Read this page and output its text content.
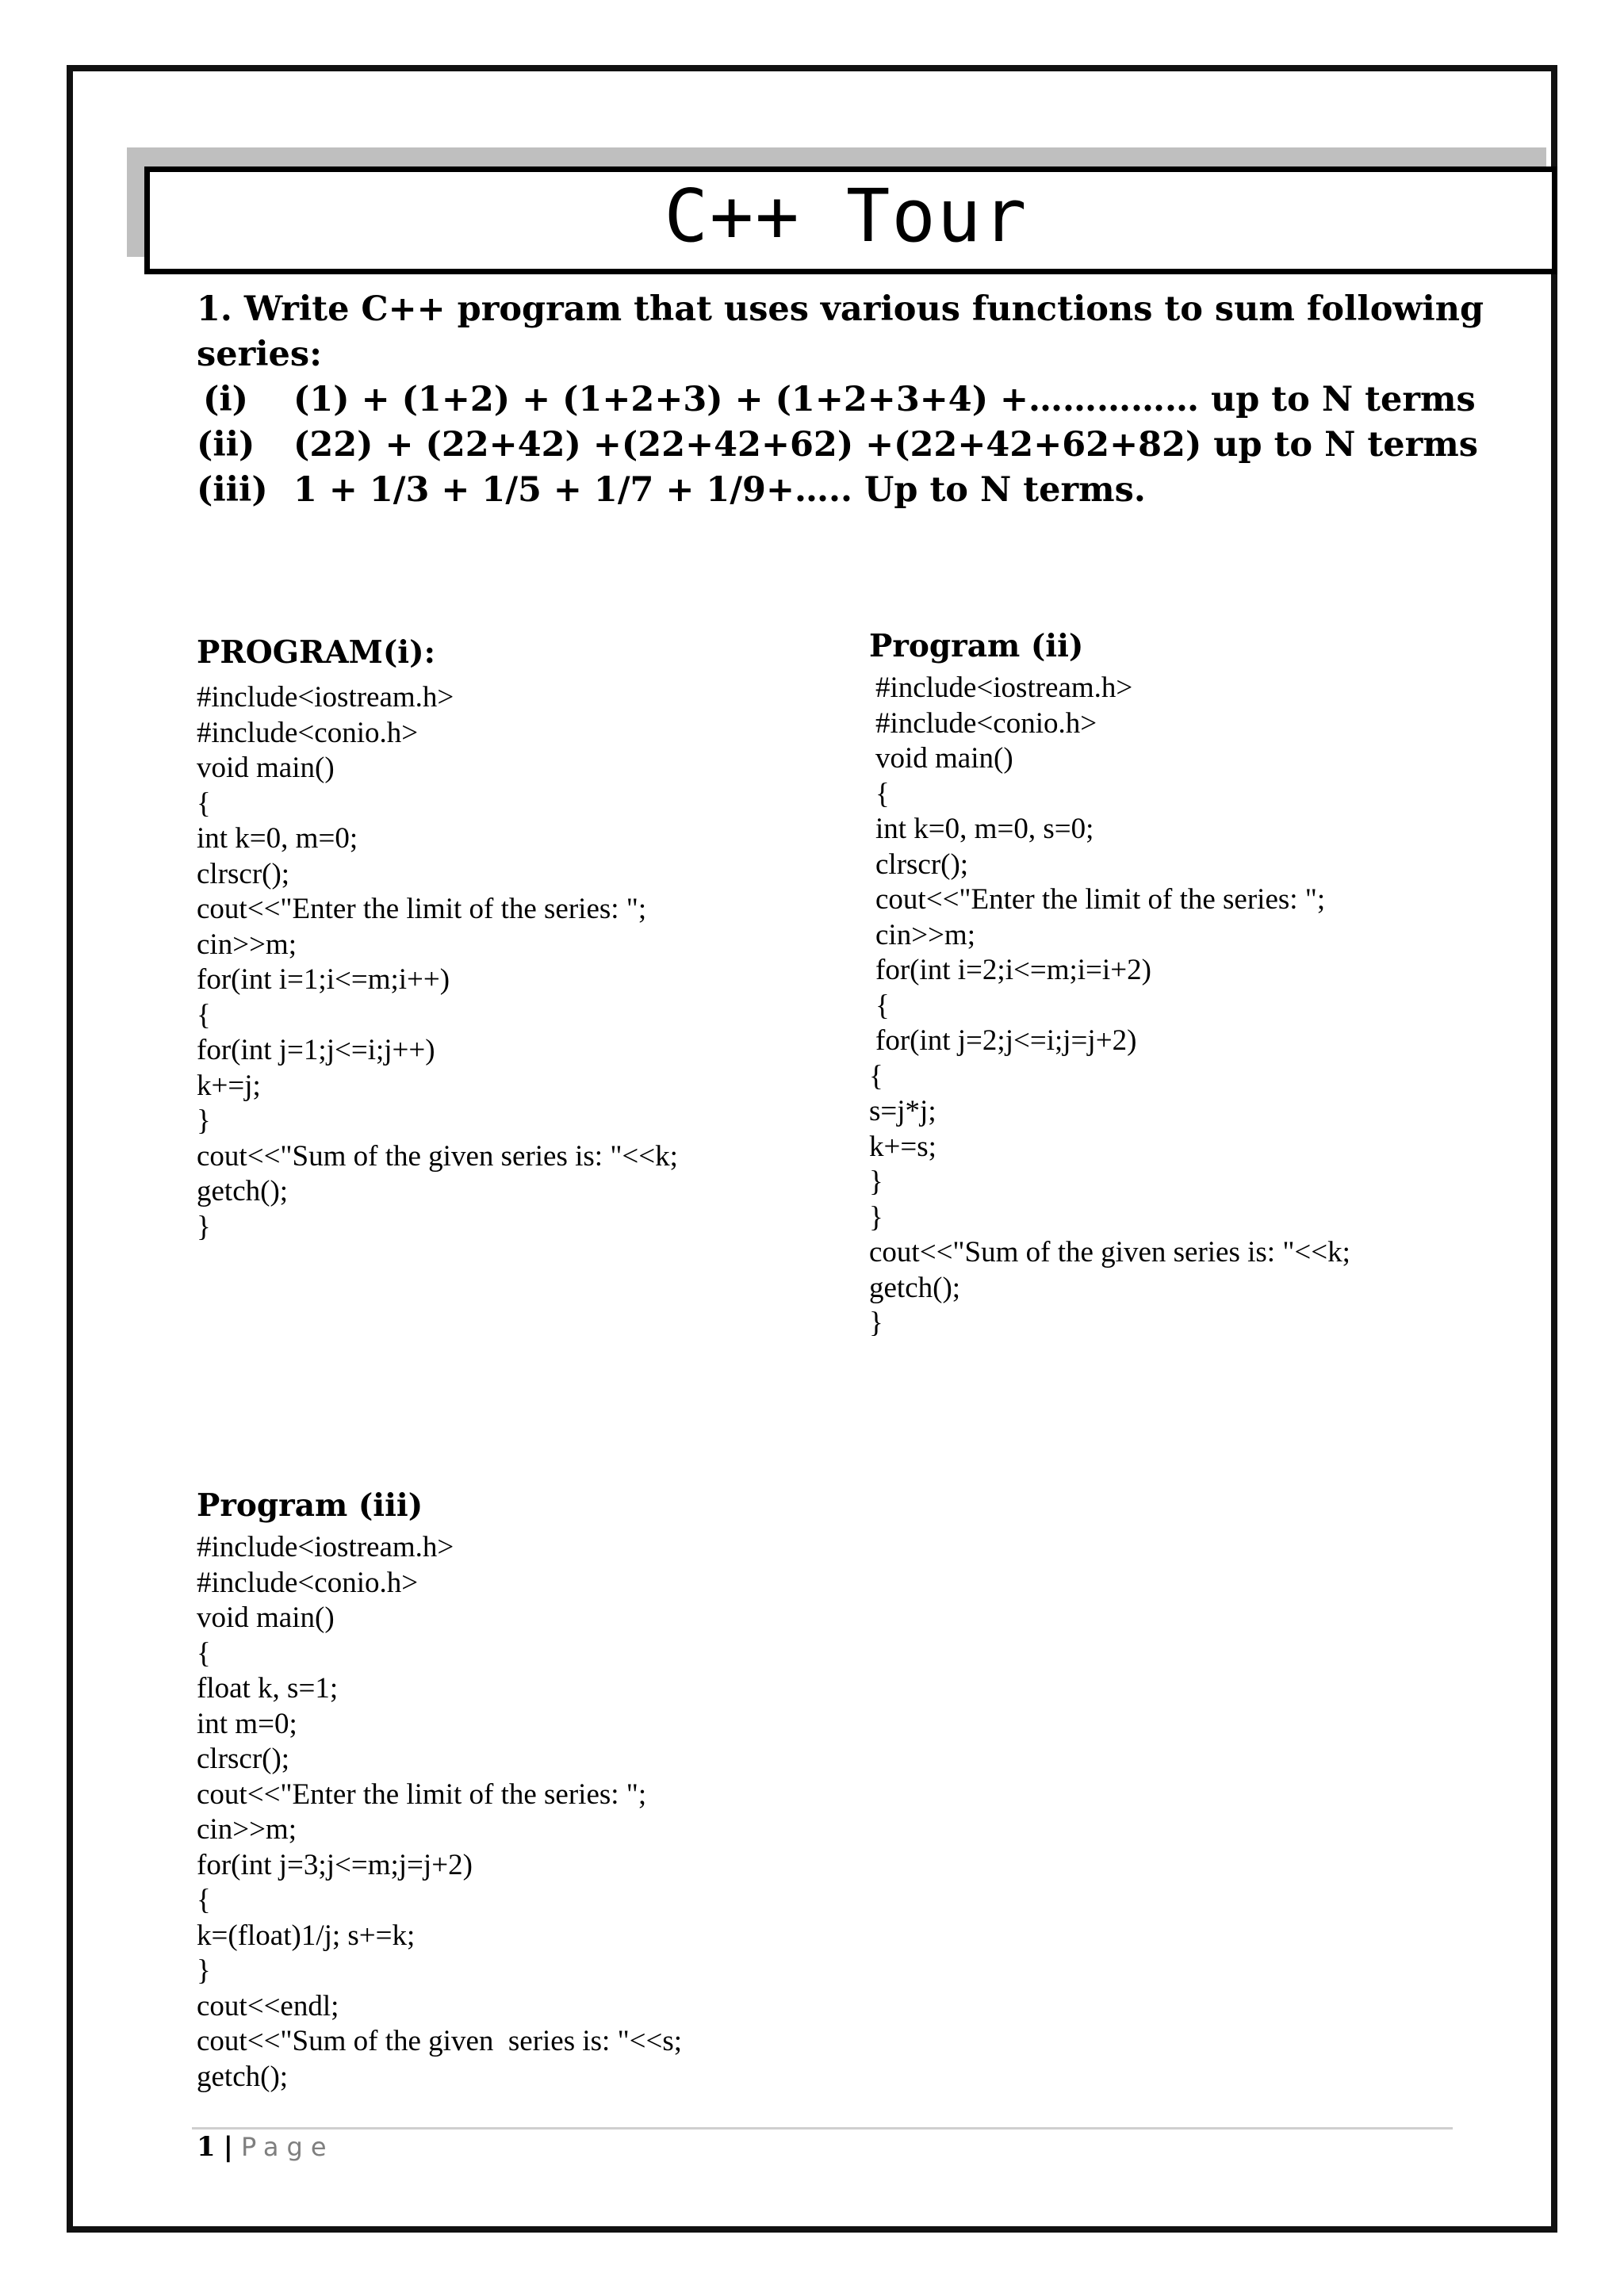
C++ Tour
1. Write C++ program that uses various functions to sum following
series:
(i) (1) + (1+2) + (1+2+3) + (1+2+3+4) +…………… up to N terms
(ii) (22) + (22+42) +(22+42+62) +(22+42+62+82) up to N terms
(iii) 1 + 1/3 + 1/5 + 1/7 + 1/9+….. Up to N terms.
PROGRAM(i):
#include<iostream.h>
#include<conio.h>
void main()
{
int k=0, m=0;
clrscr();
cout<<"Enter the limit of the series: ";
cin>>m;
for(int i=1;i<=m;i++)
{
for(int j=1;j<=i;j++)
k+=j;
}
cout<<"Sum of the given series is: "<<k;
getch();
}
Program (ii)
#include<iostream.h>
#include<conio.h>
void main()
{
int k=0, m=0, s=0;
clrscr();
cout<<"Enter the limit of the series: ";
cin>>m;
for(int i=2;i<=m;i=i+2)
{
for(int j=2;j<=i;j=j+2)
{
s=j*j;
k+=s;
}
}
cout<<"Sum of the given series is: "<<k;
getch();
}
Program (iii)
#include<iostream.h>
#include<conio.h>
void main()
{
float k, s=1;
int m=0;
clrscr();
cout<<"Enter the limit of the series: ";
cin>>m;
for(int j=3;j<=m;j=j+2)
{
k=(float)1/j; s+=k;
}
cout<<endl;
cout<<"Sum of the given  series is: "<<s;
getch();
1 | Page
